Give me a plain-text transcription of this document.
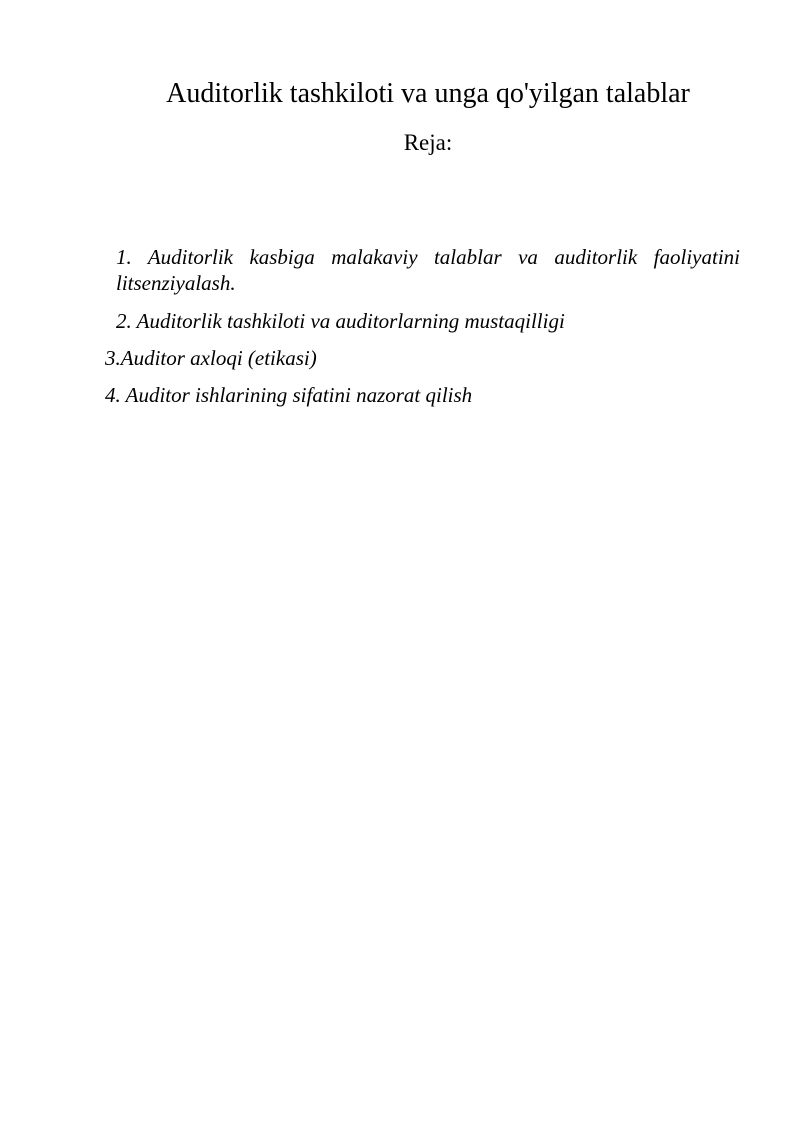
Auditorlik tashkiloti va unga qo'yilgan talablar
Reja:
1. Auditorlik kasbiga malakaviy talablar va auditorlik faoliyatini litsenziyalash.
2. Auditorlik tashkiloti va auditorlarning mustaqilligi
3.Auditor axloqi (etikasi)
4. Auditor ishlarining sifatini nazorat qilish
